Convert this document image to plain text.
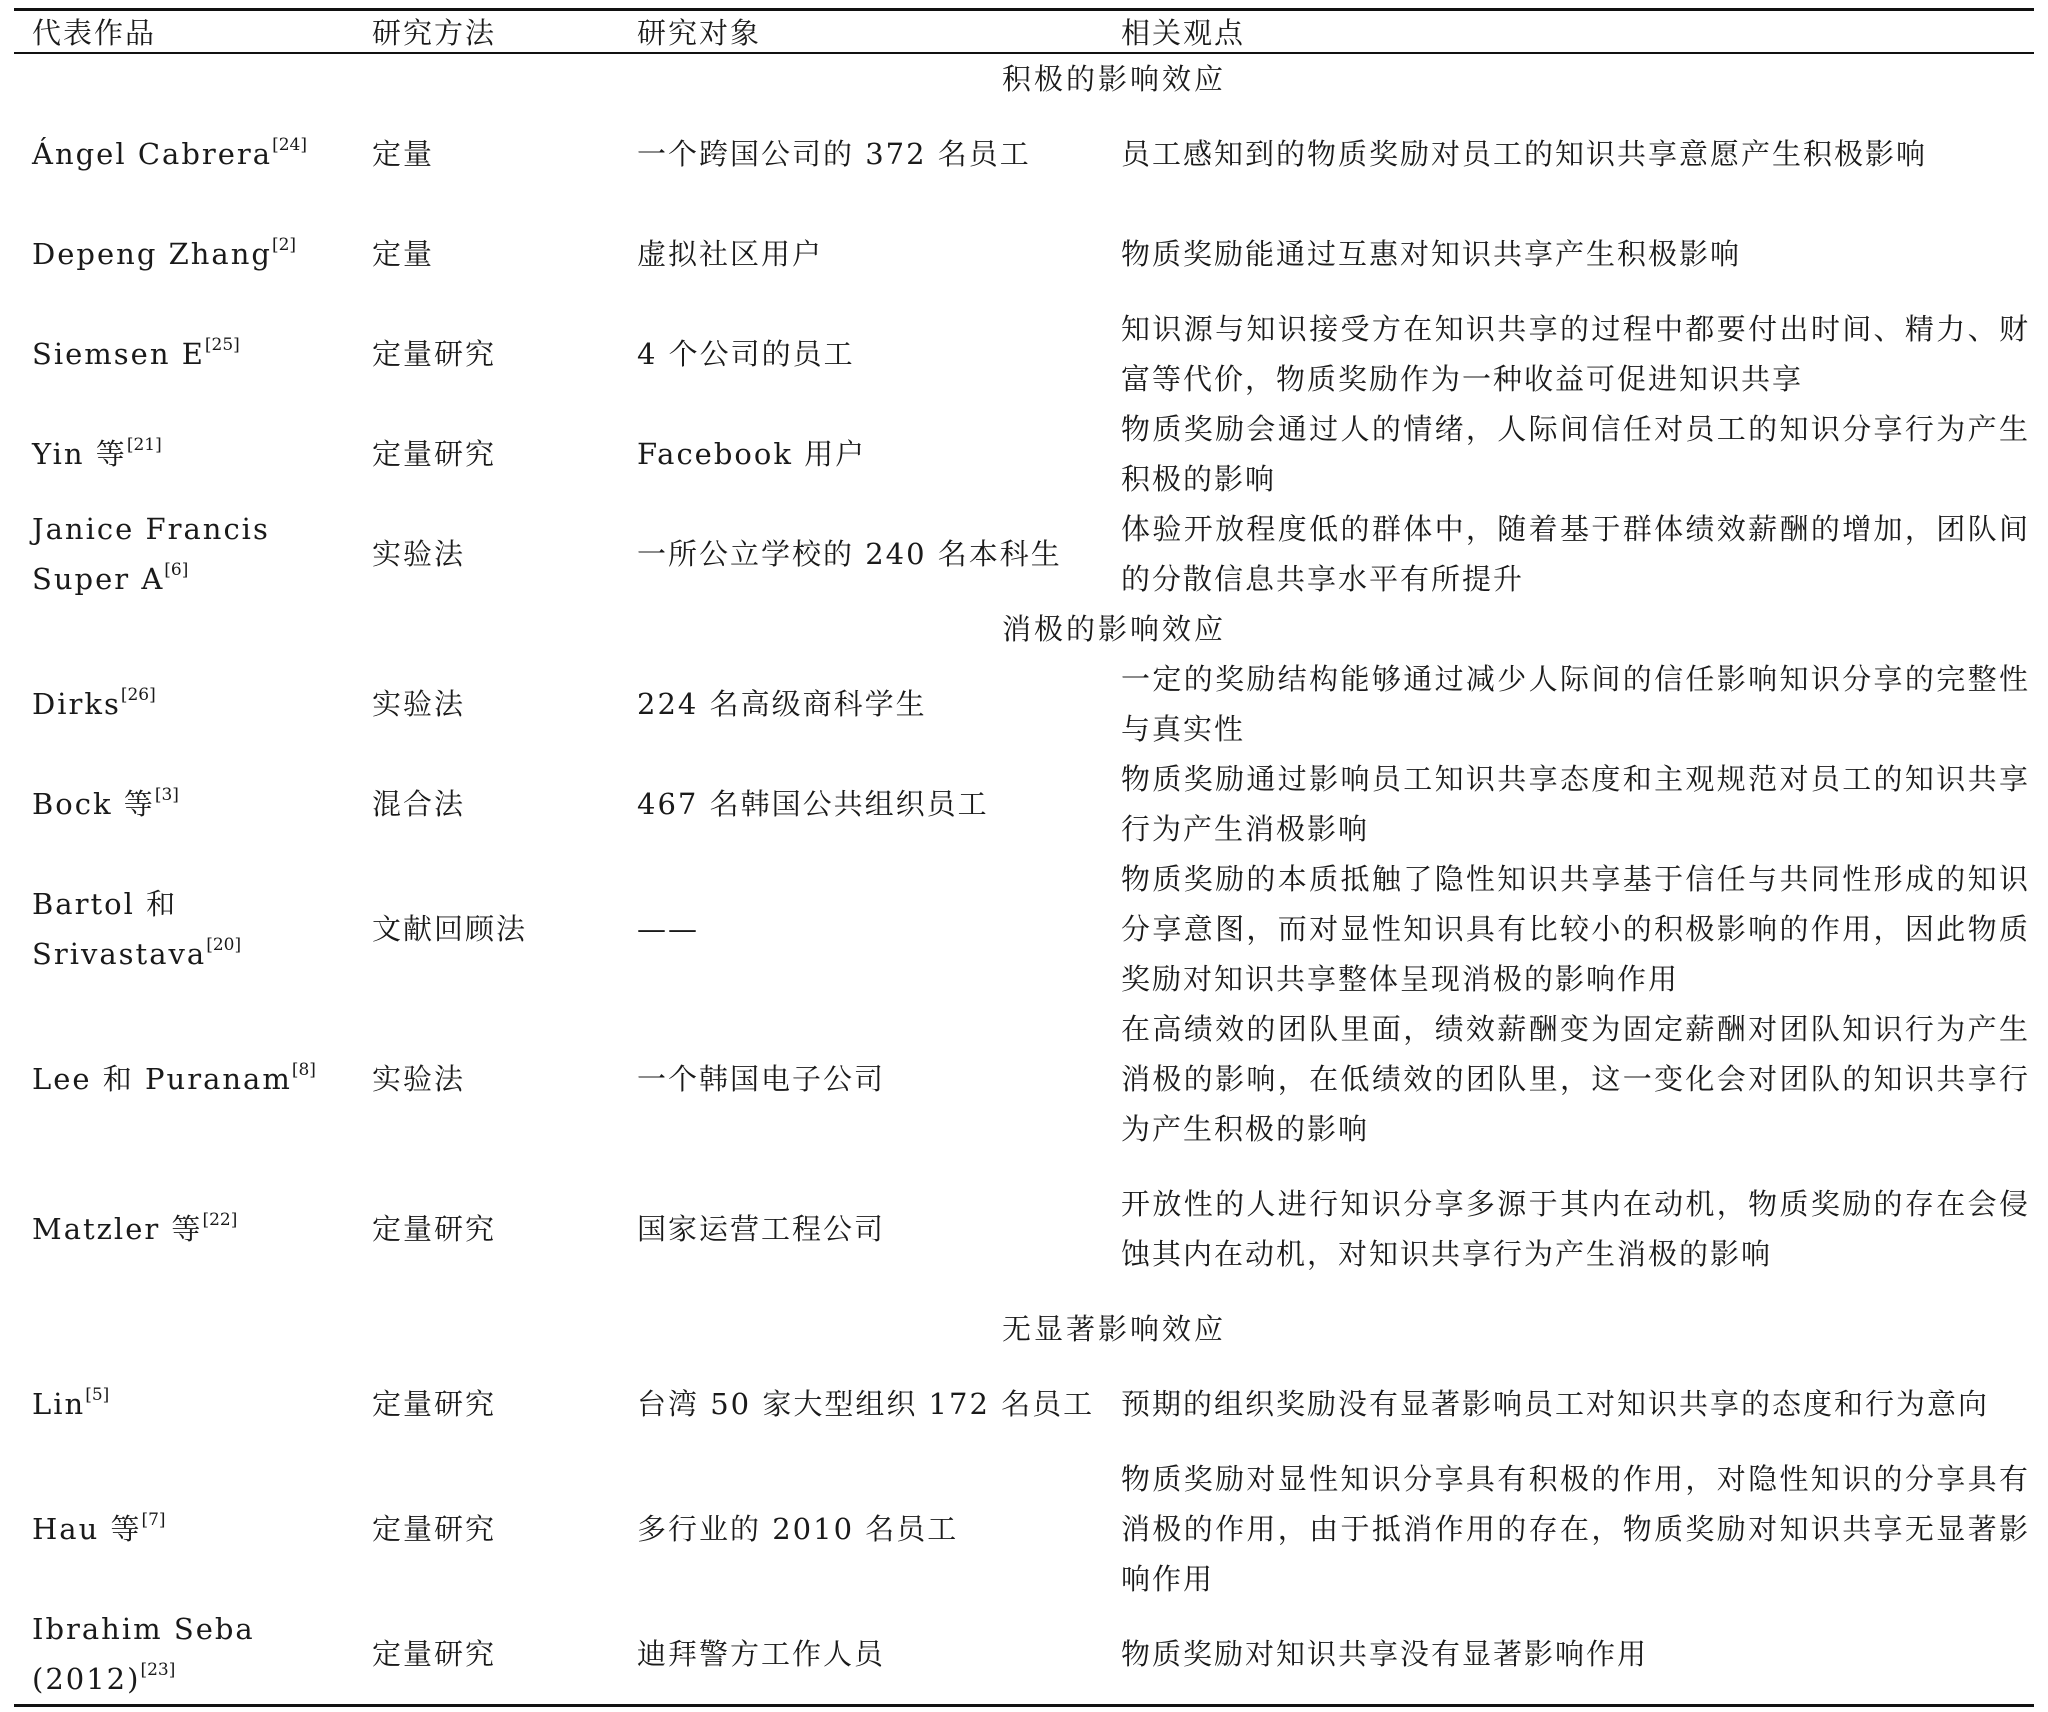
代表作品	研究方法	研究对象	相关观点
积极的影响效应			
Ángel Cabrera[24]	定量	一个跨国公司的 372 名员工	员工感知到的物质奖励对员工的知识共享意愿产生积极影响
Depeng Zhang[2]	定量	虚拟社区用户	物质奖励能通过互惠对知识共享产生积极影响
Siemsen E[25]	定量研究	4 个公司的员工	知识源与知识接受方在知识共享的过程中都要付出时间、精力、财富等代价，物质奖励作为一种收益可促进知识共享
Yin 等[21]	定量研究	Facebook 用户	物质奖励会通过人的情绪，人际间信任对员工的知识分享行为产生积极的影响
Janice Francis Super A[6]	实验法	一所公立学校的 240 名本科生	体验开放程度低的群体中，随着基于群体绩效薪酬的增加，团队间的分散信息共享水平有所提升
消极的影响效应			
Dirks[26]	实验法	224 名高级商科学生	一定的奖励结构能够通过减少人际间的信任影响知识分享的完整性与真实性
Bock 等[3]	混合法	467 名韩国公共组织员工	物质奖励通过影响员工知识共享态度和主观规范对员工的知识共享行为产生消极影响
Bartol 和 Srivastava[20]	文献回顾法	——	物质奖励的本质抵触了隐性知识共享基于信任与共同性形成的知识分享意图，而对显性知识具有比较小的积极影响的作用，因此物质奖励对知识共享整体呈现消极的影响作用
Lee 和 Puranam[8]	实验法	一个韩国电子公司	在高绩效的团队里面，绩效薪酬变为固定薪酬对团队知识行为产生消极的影响，在低绩效的团队里，这一变化会对团队的知识共享行为产生积极的影响
Matzler 等[22]	定量研究	国家运营工程公司	开放性的人进行知识分享多源于其内在动机，物质奖励的存在会侵蚀其内在动机，对知识共享行为产生消极的影响
无显著影响效应			
Lin[5]	定量研究	台湾 50 家大型组织 172 名员工	预期的组织奖励没有显著影响员工对知识共享的态度和行为意向
Hau 等[7]	定量研究	多行业的 2010 名员工	物质奖励对显性知识分享具有积极的作用，对隐性知识的分享具有消极的作用，由于抵消作用的存在，物质奖励对知识共享无显著影响作用
Ibrahim Seba (2012)[23]	定量研究	迪拜警方工作人员	物质奖励对知识共享没有显著影响作用
